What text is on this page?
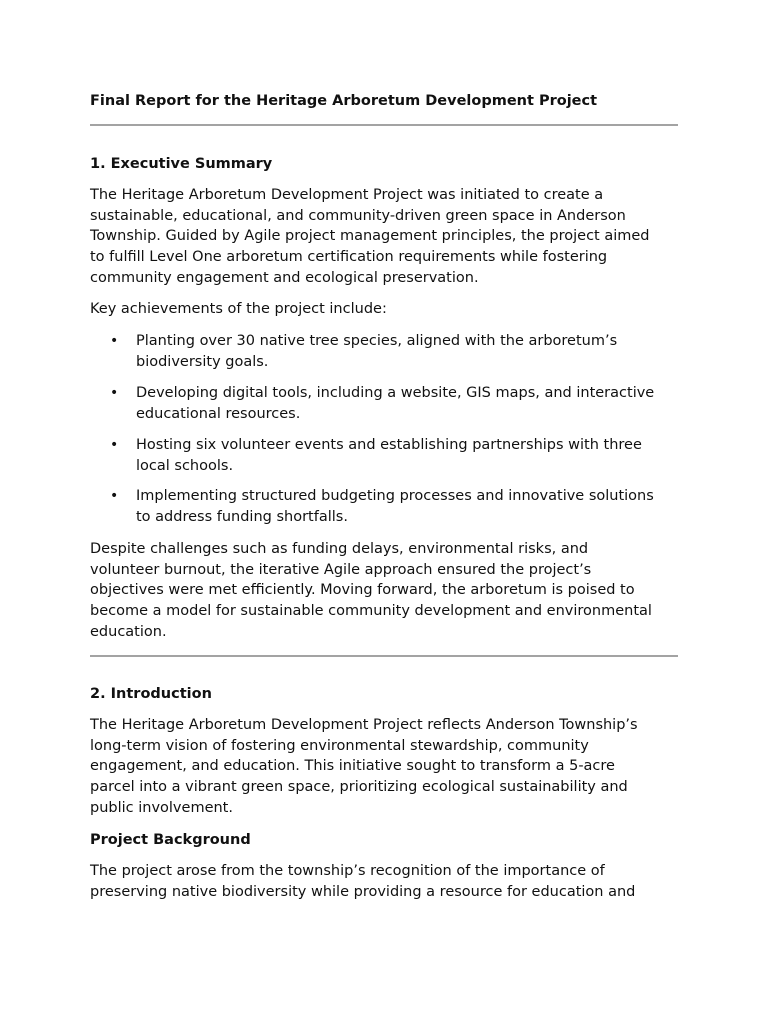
Final Report for the Heritage Arboretum Development Project
1. Executive Summary
The Heritage Arboretum Development Project was initiated to create a
sustainable, educational, and community-driven green space in Anderson
Township. Guided by Agile project management principles, the project aimed
to fulfill Level One arboretum certification requirements while fostering
community engagement and ecological preservation.
Key achievements of the project include:
• Planting over 30 native tree species, aligned with the arboretum’s
biodiversity goals.
• Developing digital tools, including a website, GIS maps, and interactive
educational resources.
• Hosting six volunteer events and establishing partnerships with three
local schools.
• Implementing structured budgeting processes and innovative solutions
to address funding shortfalls.
Despite challenges such as funding delays, environmental risks, and
volunteer burnout, the iterative Agile approach ensured the project’s
objectives were met efficiently. Moving forward, the arboretum is poised to
become a model for sustainable community development and environmental
education.
2. Introduction
The Heritage Arboretum Development Project reflects Anderson Township’s
long-term vision of fostering environmental stewardship, community
engagement, and education. This initiative sought to transform a 5-acre
parcel into a vibrant green space, prioritizing ecological sustainability and
public involvement.
Project Background
The project arose from the township’s recognition of the importance of
preserving native biodiversity while providing a resource for education and
